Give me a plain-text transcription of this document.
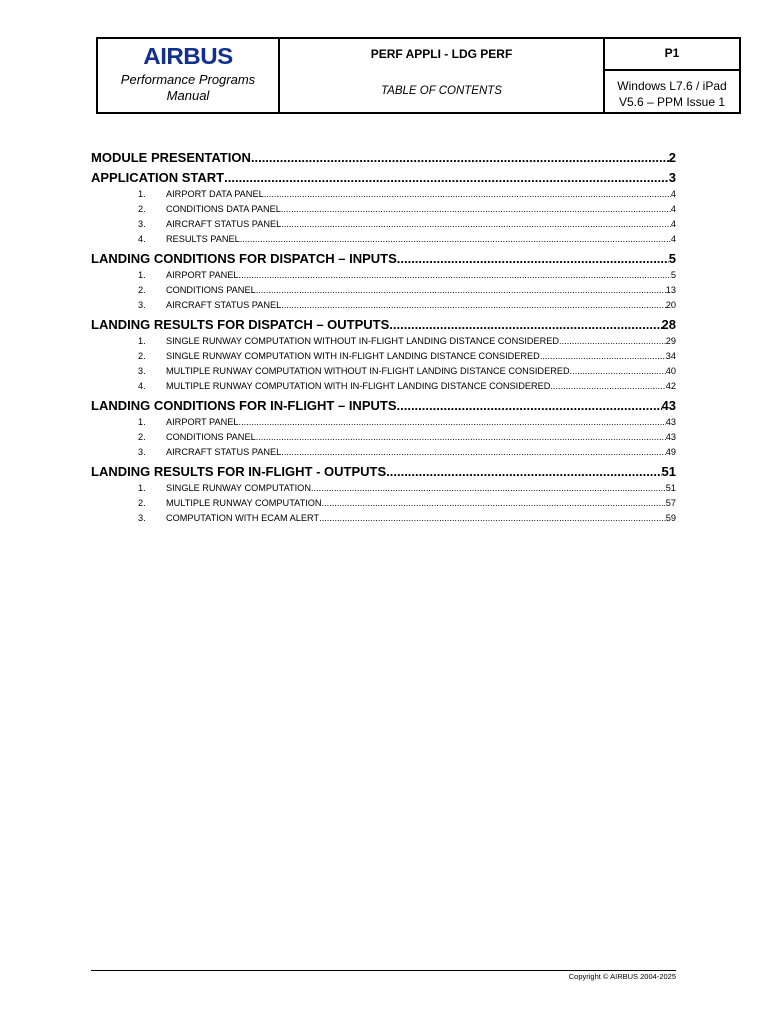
AIRBUS
Performance Programs
Manual
PERF APPLI - LDG PERF
TABLE OF CONTENTS
P1
Windows L7.6 / iPad
V5.6 – PPM Issue 1
MODULE PRESENTATION .....	2
APPLICATION START .....	3
1.	AIRPORT DATA PANEL .....	4
2.	CONDITIONS DATA PANEL .....	4
3.	AIRCRAFT STATUS PANEL .....	4
4.	RESULTS PANEL .....	4
LANDING CONDITIONS FOR DISPATCH – INPUTS .....	5
1.	AIRPORT PANEL .....	5
2.	CONDITIONS PANEL .....	13
3.	AIRCRAFT STATUS PANEL .....	20
LANDING RESULTS FOR DISPATCH – OUTPUTS .....	28
1.	SINGLE RUNWAY COMPUTATION WITHOUT IN-FLIGHT LANDING DISTANCE CONSIDERED .....	29
2.	SINGLE RUNWAY COMPUTATION WITH IN-FLIGHT LANDING DISTANCE CONSIDERED .....	34
3.	MULTIPLE RUNWAY COMPUTATION WITHOUT IN-FLIGHT LANDING DISTANCE CONSIDERED .....	40
4.	MULTIPLE RUNWAY COMPUTATION WITH IN-FLIGHT LANDING DISTANCE CONSIDERED .....	42
LANDING CONDITIONS FOR IN-FLIGHT – INPUTS .....	43
1.	AIRPORT PANEL .....	43
2.	CONDITIONS PANEL .....	43
3.	AIRCRAFT STATUS PANEL .....	49
LANDING RESULTS FOR IN-FLIGHT - OUTPUTS .....	51
1.	SINGLE RUNWAY COMPUTATION .....	51
2.	MULTIPLE RUNWAY COMPUTATION .....	57
3.	COMPUTATION WITH ECAM ALERT .....	59
Copyright © AIRBUS 2004-2025
